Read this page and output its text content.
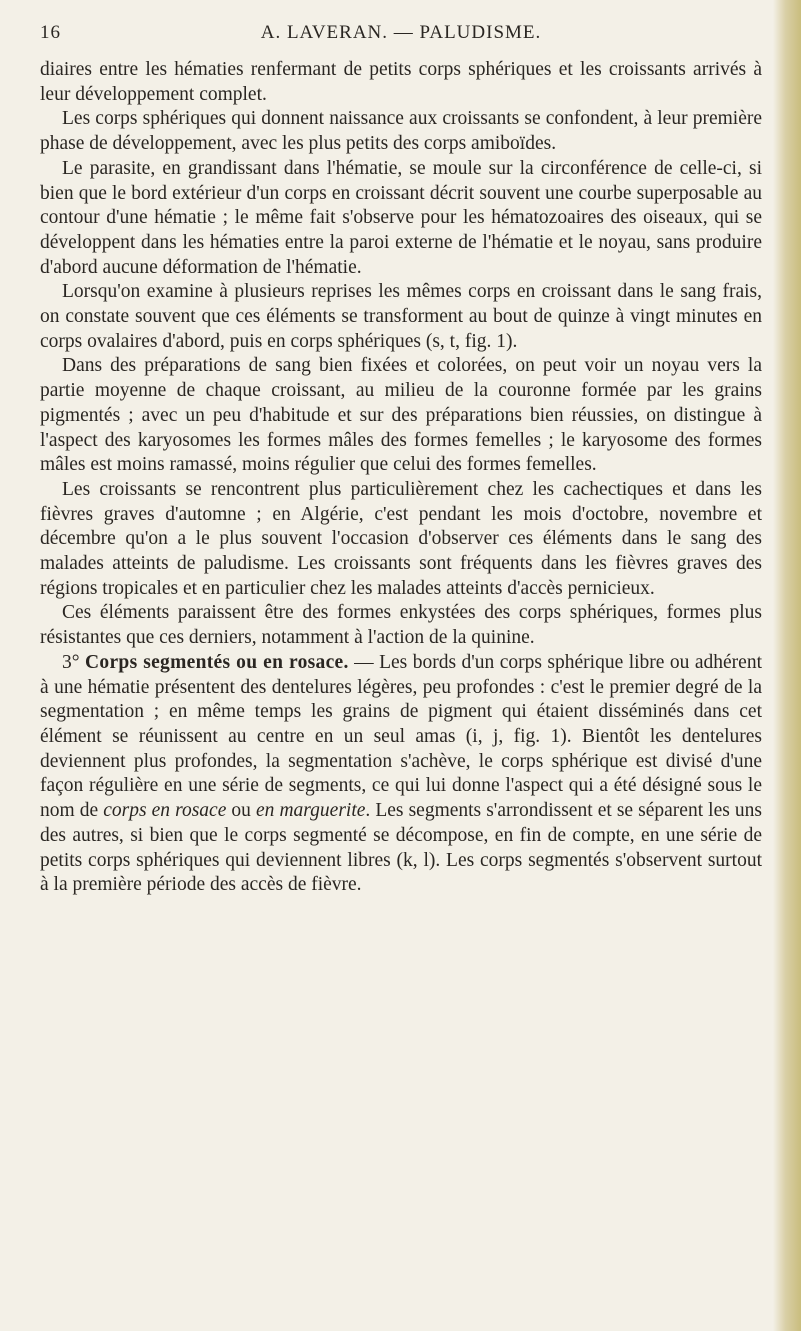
16	A. LAVERAN. — PALUDISME.

diaires entre les hématies renfermant de petits corps sphériques et les croissants arrivés à leur développement complet.

Les corps sphériques qui donnent naissance aux croissants se confondent, à leur première phase de développement, avec les plus petits des corps amiboïdes.

Le parasite, en grandissant dans l'hématie, se moule sur la circonférence de celle-ci, si bien que le bord extérieur d'un corps en croissant décrit souvent une courbe superposable au contour d'une hématie ; le même fait s'observe pour les hématozoaires des oiseaux, qui se développent dans les hématies entre la paroi externe de l'hématie et le noyau, sans produire d'abord aucune déformation de l'hématie.

Lorsqu'on examine à plusieurs reprises les mêmes corps en croissant dans le sang frais, on constate souvent que ces éléments se transforment au bout de quinze à vingt minutes en corps ovalaires d'abord, puis en corps sphériques (s, t, fig. 1).

Dans des préparations de sang bien fixées et colorées, on peut voir un noyau vers la partie moyenne de chaque croissant, au milieu de la couronne formée par les grains pigmentés ; avec un peu d'habitude et sur des préparations bien réussies, on distingue à l'aspect des karyosomes les formes mâles des formes femelles ; le karyosome des formes mâles est moins ramassé, moins régulier que celui des formes femelles.

Les croissants se rencontrent plus particulièrement chez les cachectiques et dans les fièvres graves d'automne ; en Algérie, c'est pendant les mois d'octobre, novembre et décembre qu'on a le plus souvent l'occasion d'observer ces éléments dans le sang des malades atteints de paludisme. Les croissants sont fréquents dans les fièvres graves des régions tropicales et en particulier chez les malades atteints d'accès pernicieux.

Ces éléments paraissent être des formes enkystées des corps sphériques, formes plus résistantes que ces derniers, notamment à l'action de la quinine.

3° Corps segmentés ou en rosace. — Les bords d'un corps sphérique libre ou adhérent à une hématie présentent des dentelures légères, peu profondes : c'est le premier degré de la segmentation ; en même temps les grains de pigment qui étaient disséminés dans cet élément se réunissent au centre en un seul amas (i, j, fig. 1). Bientôt les dentelures deviennent plus profondes, la segmentation s'achève, le corps sphérique est divisé d'une façon régulière en une série de segments, ce qui lui donne l'aspect qui a été désigné sous le nom de corps en rosace ou en marguerite. Les segments s'arrondissent et se séparent les uns des autres, si bien que le corps segmenté se décompose, en fin de compte, en une série de petits corps sphériques qui deviennent libres (k, l). Les corps segmentés s'observent surtout à la première période des accès de fièvre.
